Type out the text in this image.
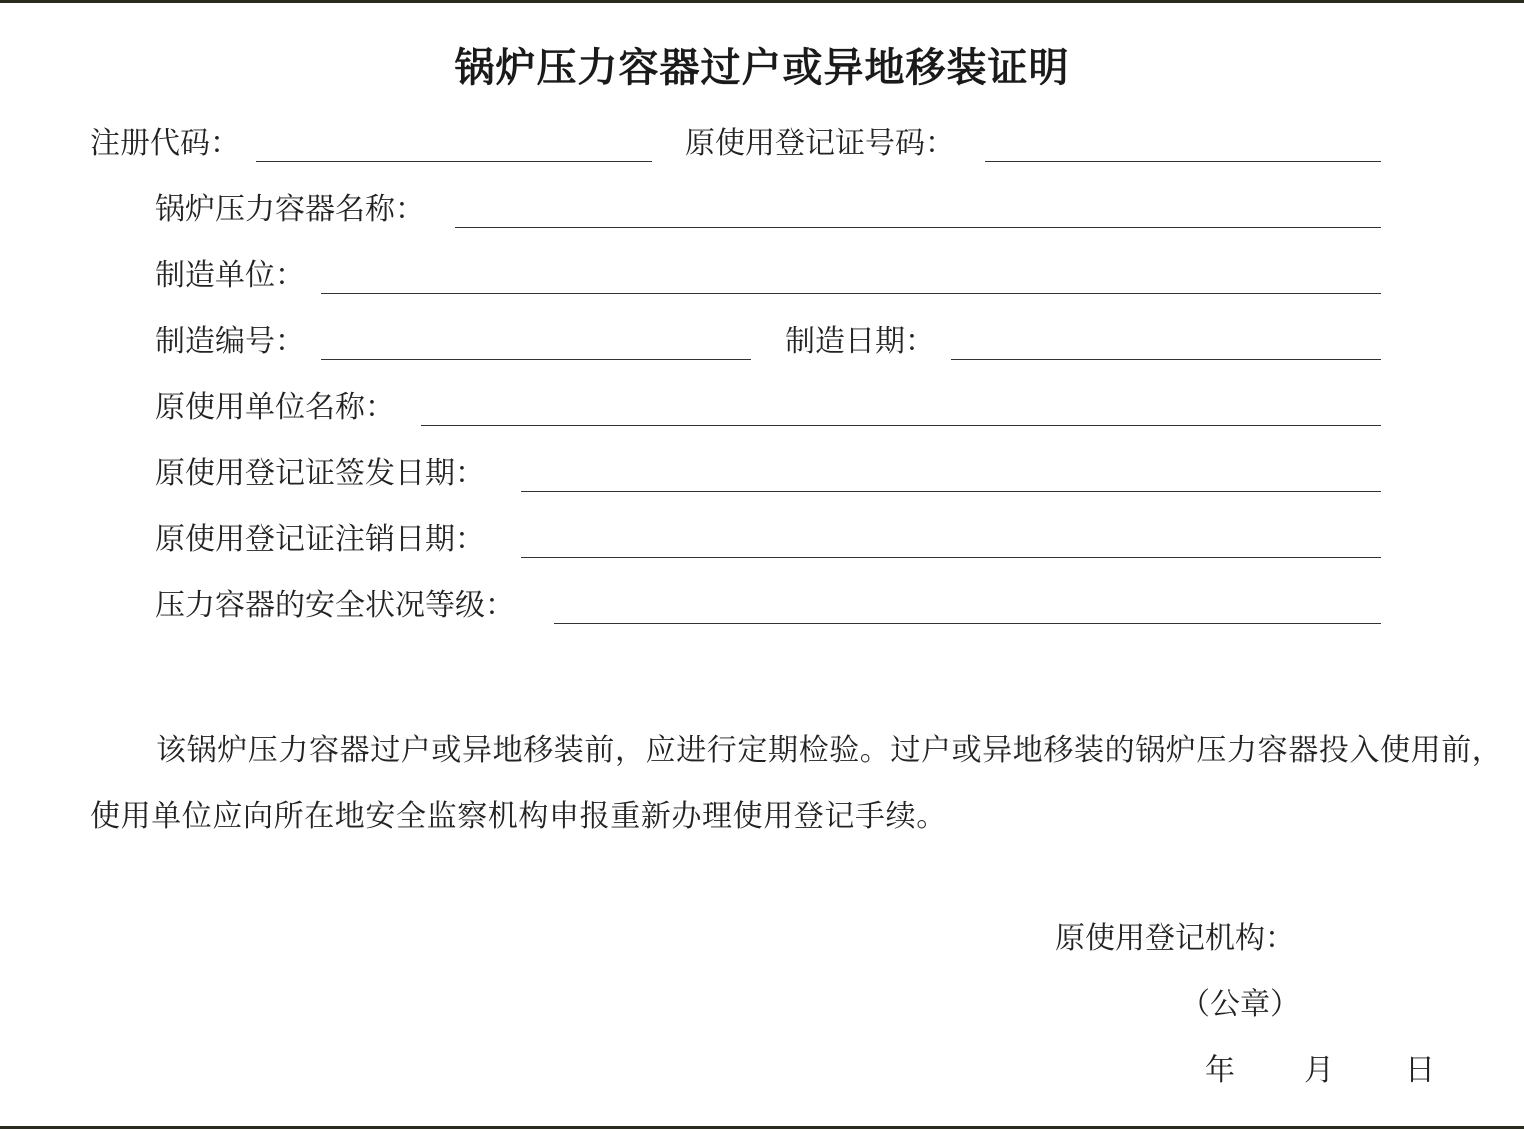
锅炉压力容器过户或异地移装证明
注册代码：	原使用登记证号码：
锅炉压力容器名称：
制造单位：
制造编号：	制造日期：
原使用单位名称：
原使用登记证签发日期：
原使用登记证注销日期：
压力容器的安全状况等级：
该锅炉压力容器过户或异地移装前，应进行定期检验。过户或异地移装的锅炉压力容器投入使用前，使用单位应向所在地安全监察机构申报重新办理使用登记手续。
原使用登记机构：
（公章）
年 月 日
